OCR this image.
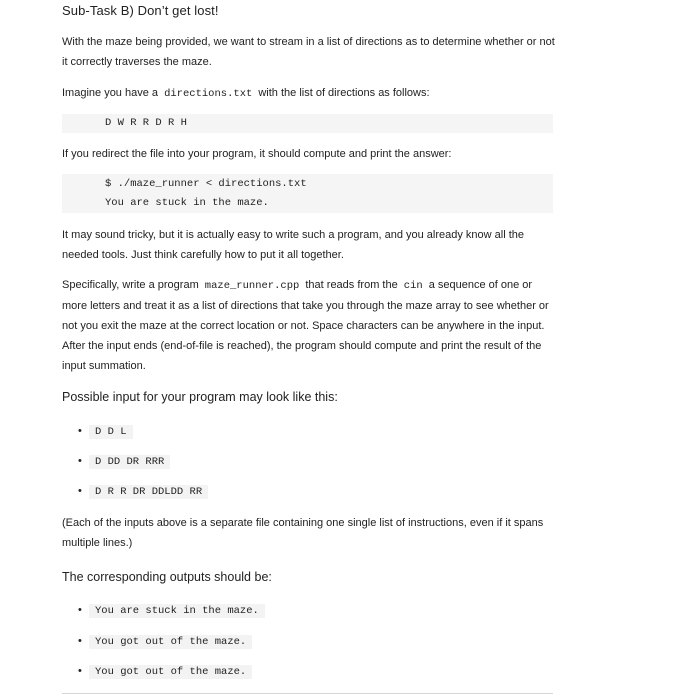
Sub-Task B) Don’t get lost!
With the maze being provided, we want to stream in a list of directions as to determine whether or not
it correctly traverses the maze.
Imagine you have a directions.txt with the list of directions as follows:
D W R R D R H
If you redirect the file into your program, it should compute and print the answer:
$ ./maze_runner < directions.txt
You are stuck in the maze.
It may sound tricky, but it is actually easy to write such a program, and you already know all the
needed tools. Just think carefully how to put it all together.
Specifically, write a program maze_runner.cpp that reads from the cin a sequence of one or
more letters and treat it as a list of directions that take you through the maze array to see whether or
not you exit the maze at the correct location or not. Space characters can be anywhere in the input.
After the input ends (end-of-file is reached), the program should compute and print the result of the
input summation.
Possible input for your program may look like this:
•	D D L
•	D DD DR RRR
•	D R R DR DDLDD RR
(Each of the inputs above is a separate file containing one single list of instructions, even if it spans
multiple lines.)
The corresponding outputs should be:
•	You are stuck in the maze.
•	You got out of the maze.
•	You got out of the maze.
